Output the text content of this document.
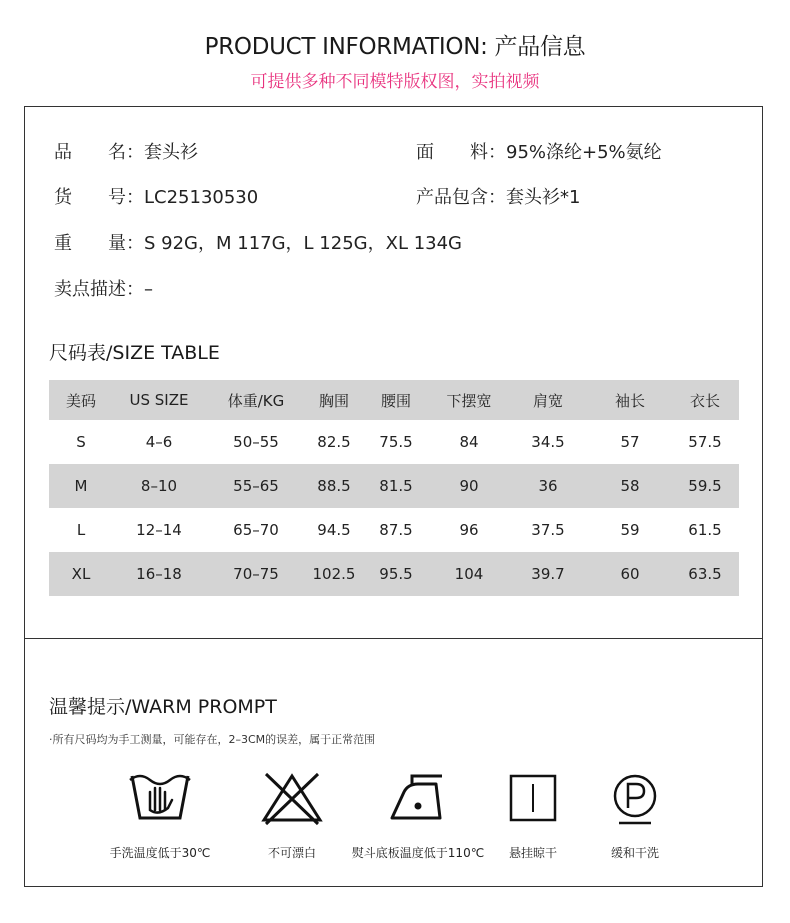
PRODUCT INFORMATION: 产品信息
可提供多种不同模特版权图，实拍视频
品　　名：套头衫	面　　料：95%涤纶+5%氨纶
货　　号：LC25130530	产品包含：套头衫*1
重　　量：S 92G，M 117G，L 125G，XL 134G
卖点描述：–
尺码表/SIZE TABLE
美码	US SIZE	体重/KG	胸围	腰围	下摆宽	肩宽	袖长	衣长
S	4–6	50–55	82.5	75.5	84	34.5	57	57.5
M	8–10	55–65	88.5	81.5	90	36	58	59.5
L	12–14	65–70	94.5	87.5	96	37.5	59	61.5
XL	16–18	70–75	102.5	95.5	104	39.7	60	63.5
温馨提示/WARM PROMPT
·所有尺码均为手工测量，可能存在，2–3CM的误差，属于正常范围
手洗温度低于30℃	不可漂白	熨斗底板温度低于110℃	悬挂晾干	缓和干洗
